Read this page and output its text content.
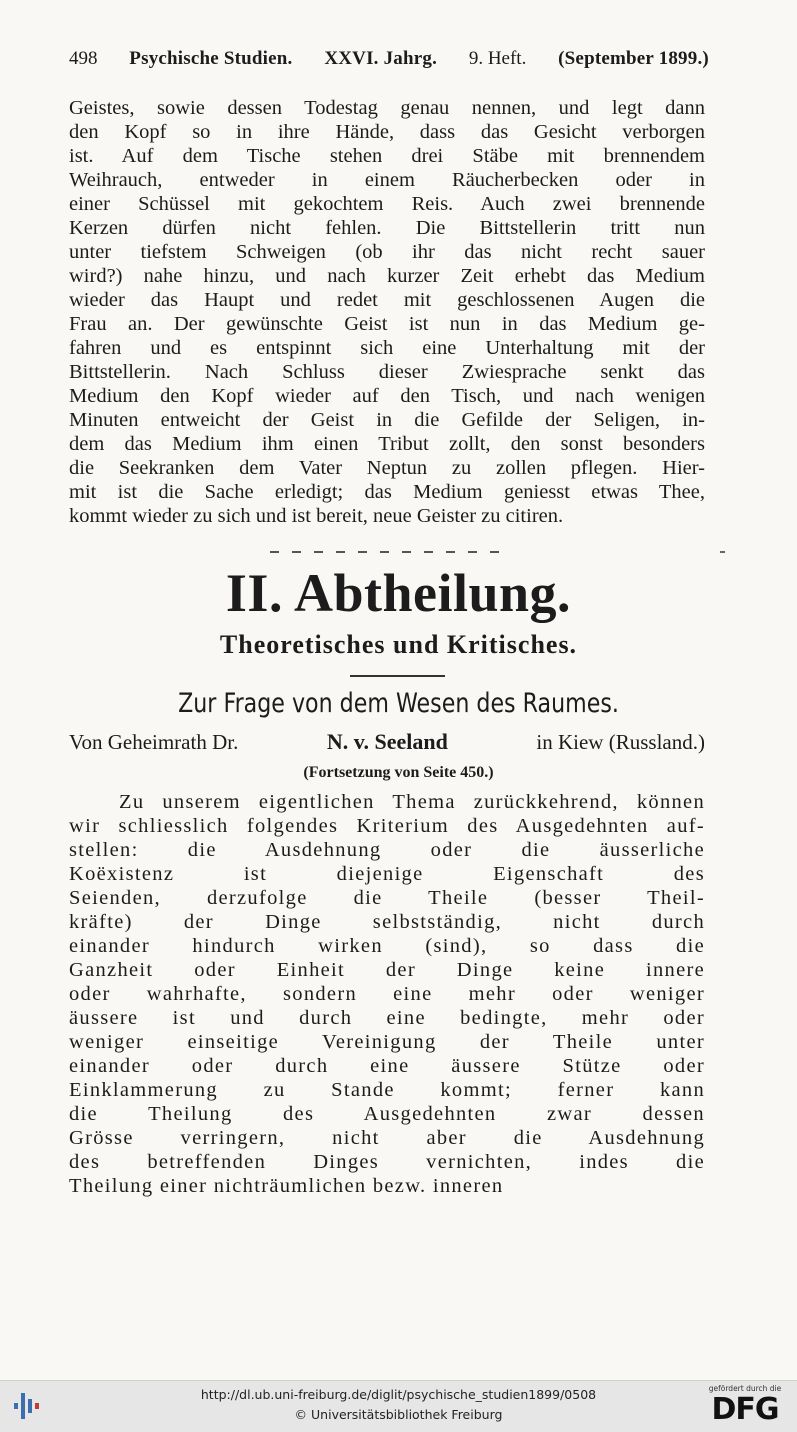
498 Psychische Studien. XXVI. Jahrg. 9. Heft. (September 1899.)
Geistes, sowie dessen Todestag genau nennen, und legt dann
den Kopf so in ihre Hände, dass das Gesicht verborgen
ist. Auf dem Tische stehen drei Stäbe mit brennendem
Weihrauch, entweder in einem Räucherbecken oder in
einer Schüssel mit gekochtem Reis. Auch zwei brennende
Kerzen dürfen nicht fehlen. Die Bittstellerin tritt nun
unter tiefstem Schweigen (ob ihr das nicht recht sauer
wird?) nahe hinzu, und nach kurzer Zeit erhebt das Medium
wieder das Haupt und redet mit geschlossenen Augen die
Frau an. Der gewünschte Geist ist nun in das Medium ge-
fahren und es entspinnt sich eine Unterhaltung mit der
Bittstellerin. Nach Schluss dieser Zwiesprache senkt das
Medium den Kopf wieder auf den Tisch, und nach wenigen
Minuten entweicht der Geist in die Gefilde der Seligen, in-
dem das Medium ihm einen Tribut zollt, den sonst besonders
die Seekranken dem Vater Neptun zu zollen pflegen. Hier-
mit ist die Sache erledigt; das Medium geniesst etwas Thee,
kommt wieder zu sich und ist bereit, neue Geister zu citiren.
II. Abtheilung.
Theoretisches und Kritisches.
Zur Frage von dem Wesen des Raumes.
Von Geheimrath Dr.	N. v. Seeland	in Kiew (Russland.)
(Fortsetzung von Seite 450.)
Zu unserem eigentlichen Thema zurückkehrend, können
wir schliesslich folgendes Kriterium des Ausgedehnten auf-
stellen: die Ausdehnung oder die äusserliche
Koëxistenz ist diejenige Eigenschaft des
Seienden, derzufolge die Theile (besser Theil-
kräfte) der Dinge selbstständig, nicht durch
einander hindurch wirken (sind), so dass die
Ganzheit oder Einheit der Dinge keine innere
oder wahrhafte, sondern eine mehr oder weniger
äussere ist und durch eine bedingte, mehr oder
weniger einseitige Vereinigung der Theile unter
einander oder durch eine äussere Stütze oder
Einklammerung zu Stande kommt; ferner kann
die Theilung des Ausgedehnten zwar dessen
Grösse verringern, nicht aber die Ausdehnung
des betreffenden Dinges vernichten, indes die
Theilung einer nichträumlichen bezw. inneren
http://dl.ub.uni-freiburg.de/diglit/psychische_studien1899/0508
© Universitätsbibliothek Freiburg
gefördert durch die
DFG
